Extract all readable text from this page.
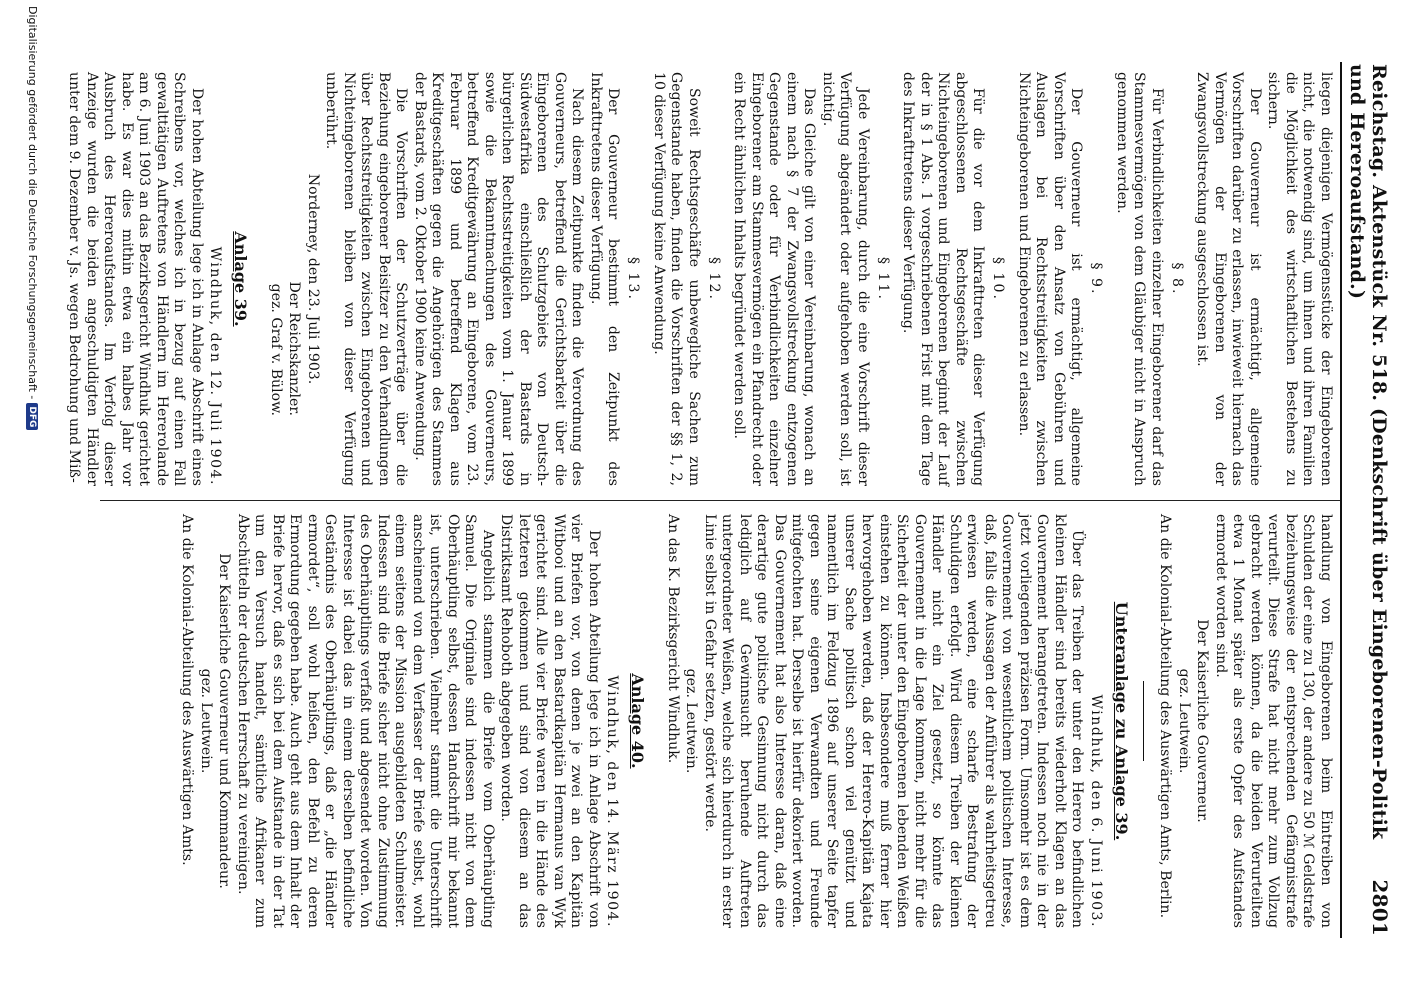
Reichstag. Aktenstück Nr. 518. (Denkschrift über Eingeborenen-Politik und Hereroaufstand.)
2801

liegen diejenigen Vermögensstücke der Eingeborenen nicht, die notwendig sind, um ihnen und ihren Familien die Möglichkeit des wirtschaftlichen Bestehens zu sichern.

Der Gouverneur ist ermächtigt, allgemeine Vorschriften darüber zu erlassen, inwieweit hiernach das Vermögen der Eingeborenen von der Zwangsvollstreckung ausgeschlossen ist.

§ 8.

Für Verbindlichkeiten einzelner Eingeborener darf das Stammesvermögen von dem Gläubiger nicht in Anspruch genommen werden.

§ 9.

Der Gouverneur ist ermächtigt, allgemeine Vorschriften über den Ansatz von Gebühren und Auslagen bei Rechtsstreitigkeiten zwischen Nichteingeborenen und Eingeborenen zu erlassen.

§ 10.

Für die vor dem Inkrafttreten dieser Verfügung abgeschlossenen Rechtsgeschäfte zwischen Nichteingeborenen und Eingeborenen beginnt der Lauf der in § 1 Abs. 1 vorgeschriebenen Frist mit dem Tage des Inkrafttretens dieser Verfügung.

§ 11.

Jede Vereinbarung, durch die eine Vorschrift dieser Verfügung abgeändert oder aufgehoben werden soll, ist nichtig.

Das Gleiche gilt von einer Vereinbarung, wonach an einem nach § 7 der Zwangsvollstreckung entzogenen Gegenstande oder für Verbindlichkeiten einzelner Eingeborener am Stammesvermögen ein Pfandrecht oder ein Recht ähnlichen Inhalts begründet werden soll.

§ 12.

Soweit Rechtsgeschäfte unbewegliche Sachen zum Gegenstande haben, finden die Vorschriften der §§ 1, 2, 10 dieser Verfügung keine Anwendung.

§ 13.

Der Gouverneur bestimmt den Zeitpunkt des Inkrafttretens dieser Verfügung.

Nach diesem Zeitpunkte finden die Verordnung des Gouverneurs, betreffend die Gerichtsbarkeit über die Eingeborenen des Schutzgebiets von Deutsch-Südwestafrika einschließlich der Bastards in bürgerlichen Rechtsstreitigkeiten vom 1. Januar 1899 sowie die Bekanntmachungen des Gouverneurs, betreffend Kreditgewährung an Eingeborene, vom 23. Februar 1899 und betreffend Klagen aus Kreditgeschäften gegen die Angehörigen des Stammes der Bastards, vom 2. Oktober 1900 keine Anwendung.

Die Vorschriften der Schutzverträge über die Beziehung eingeborener Beisitzer zu den Verhandlungen über Rechtsstreitigkeiten zwischen Eingeborenen und Nichteingeborenen bleiben von dieser Verfügung unberührt.

Norderney, den 23. Juli 1903.

Der Reichskanzler.

gez. Graf v. Bülow.

Anlage 39.

Windhuk, den 12. Juli 1904.

Der hohen Abteilung lege ich in Anlage Abschrift eines Schreibens vor, welches ich in bezug auf einen Fall gewalttätigen Auftretens von Händlern im Hererolande am 6. Juni 1903 an das Bezirksgericht Windhuk gerichtet habe. Es war dies mithin etwa ein halbes Jahr vor Ausbruch des Hereroaufstandes. Im Verfolg dieser Anzeige wurden die beiden angeschuldigten Händler unter dem 9. Dezember v. Js. wegen Bedrohung und Miß-

handlung von Eingeborenen beim Eintreiben von Schulden der eine zu 130, der andere zu 50 ℳ Geldstrafe beziehungsweise der entsprechenden Gefängnisstrafe verurteilt. Diese Strafe hat nicht mehr zum Vollzug gebracht werden können, da die beiden Verurteilten etwa 1 Monat später als erste Opfer des Aufstandes ermordet worden sind.

Der Kaiserliche Gouverneur.

gez. Leutwein.

An die Kolonial-Abteilung des Auswärtigen Amts, Berlin.

Unteranlage zu Anlage 39.

Windhuk, den 6. Juni 1903.

Über das Treiben der unter den Herero befindlichen kleinen Händler sind bereits wiederholt Klagen an das Gouvernement herangetreten. Indessen noch nie in der jetzt vorliegenden präzisen Form. Umsomehr ist es dem Gouvernement von wesentlichem politischen Interesse, daß, falls die Aussagen der Anführer als wahrheitsgetreu erwiesen werden, eine scharfe Bestrafung der Schuldigen erfolgt. Wird diesem Treiben der kleinen Händler nicht ein Ziel gesetzt, so könnte das Gouvernement in die Lage kommen, nicht mehr für die Sicherheit der unter den Eingeborenen lebenden Weißen einstehen zu können. Insbesondere muß ferner hier hervorgehoben werden, daß der Herero-Kapitän Kajata unserer Sache politisch schon viel genützt und namentlich im Feldzug 1896 auf unserer Seite tapfer gegen seine eigenen Verwandten und Freunde mitgefochten hat. Derselbe ist hierfür dekoriert worden. Das Gouvernement hat also Interesse daran, daß eine derartige gute politische Gesinnung nicht durch das lediglich auf Gewinnsucht beruhende Auftreten untergeordneter Weißen, welche sich hierdurch in erster Linie selbst in Gefahr setzen, gestört werde.

gez. Leutwein.

An das K. Bezirksgericht Windhuk.

Anlage 40.

Windhuk, den 14. März 1904.

Der hohen Abteilung lege ich in Anlage Abschrift von vier Briefen vor, von denen je zwei an den Kapitän Witbooi und an den Bastardkapitän Hermanus van Wyk gerichtet sind. Alle vier Briefe waren in die Hände des letzteren gekommen und sind von diesem an das Distriktsamt Rehoboth abgegeben worden.

Angeblich stammen die Briefe vom Oberhäuptling Samuel. Die Originale sind indessen nicht von dem Oberhäuptling selbst, dessen Handschrift mir bekannt ist, unterschrieben. Vielmehr stammt die Unterschrift anscheinend von dem Verfasser der Briefe selbst, wohl einem seitens der Mission ausgebildeten Schulmeister. Indessen sind die Briefe sicher nicht ohne Zustimmung des Oberhäuptlings verfaßt und abgesendet worden. Von Interesse ist dabei das in einem derselben befindliche Geständnis des Oberhäuptlings, daß er „die Händler ermordet“, soll wohl heißen, den Befehl zu deren Ermordung gegeben habe. Auch geht aus dem Inhalt der Briefe hervor, daß es sich bei dem Aufstande in der Tat um den Versuch handelt, sämtliche Afrikaner zum Abschütteln der deutschen Herrschaft zu vereinigen.

Der Kaiserliche Gouverneur und Kommandeur.

gez. Leutwein.

An die Kolonial-Abteilung des Auswärtigen Amts.

Digitalisierung gefördert durch die Deutsche Forschungsgemeinschaft -
DFG
